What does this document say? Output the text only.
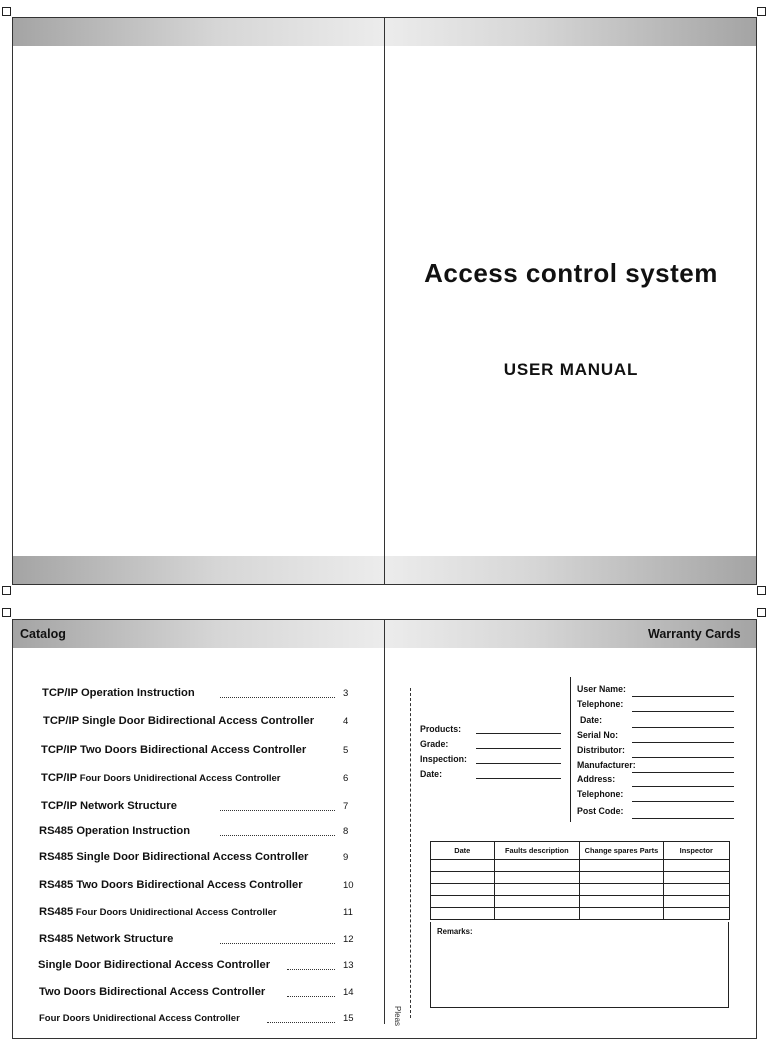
Access control system
USER MANUAL
Catalog	Warranty Cards
TCP/IP Operation Instruction	3
TCP/IP Single Door Bidirectional Access Controller	4
TCP/IP Two Doors Bidirectional Access Controller	5
TCP/IP Four Doors Unidirectional Access Controller	6
TCP/IP Network Structure	7
RS485 Operation Instruction	8
RS485 Single Door Bidirectional Access Controller	9
RS485 Two Doors Bidirectional Access Controller	10
RS485 Four Doors Unidirectional Access Controller	11
RS485 Network Structure	12
Single Door Bidirectional Access Controller	13
Two Doors Bidirectional Access Controller	14
Four Doors Unidirectional Access Controller	15	Pleas
Products:
Grade:
Inspection:
Date:
User Name:
Telephone:
Date:
Serial No:
Distributor:
Manufacturer:
Address:
Telephone:
Post Code:
Date	Faults description	Change spares Parts	Inspector

Remarks:
